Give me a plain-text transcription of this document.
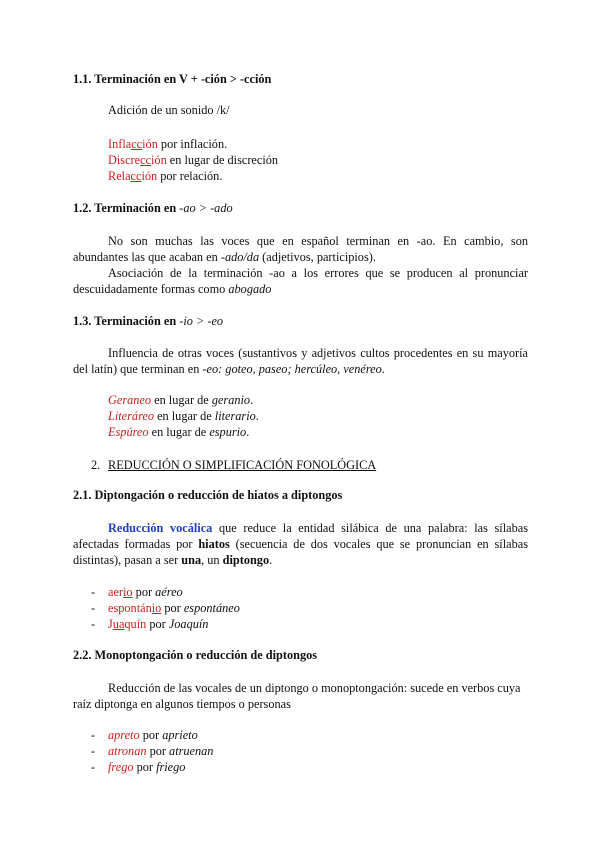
1.1. Terminación en V + -ción > -cción
Adición de un sonido /k/
Inflacción por inflación.
Discrección en lugar de discreción
Relacción por relación.
1.2. Terminación en -ao > -ado
No son muchas las voces que en español terminan en -ao. En cambio, son abundantes las que acaban en -ado/da (adjetivos, participios).
Asociación de la terminación -ao a los errores que se producen al pronunciar descuidadamente formas como abogado
1.3. Terminación en -io > -eo
Influencia de otras voces (sustantivos y adjetivos cultos procedentes en su mayoría del latín) que terminan en -eo: goteo, paseo; hercúleo, venéreo.
Geraneo en lugar de geranio.
Literáreo en lugar de literario.
Espúreo en lugar de espurio.
2. REDUCCIÓN O SIMPLIFICACIÓN FONOLÓGICA
2.1. Diptongación o reducción de hiatos a diptongos
Reducción vocálica que reduce la entidad silábica de una palabra: las sílabas afectadas formadas por hiatos (secuencia de dos vocales que se pronuncian en sílabas distintas), pasan a ser una, un diptongo.
- aerio por aéreo
- espontánio por espontáneo
- Juaquín por Joaquín
2.2. Monoptongación o reducción de diptongos
Reducción de las vocales de un diptongo o monoptongación: sucede en verbos cuya raíz diptonga en algunos tiempos o personas
- apreto por aprieto
- atronan por atruenan
- frego por friego
